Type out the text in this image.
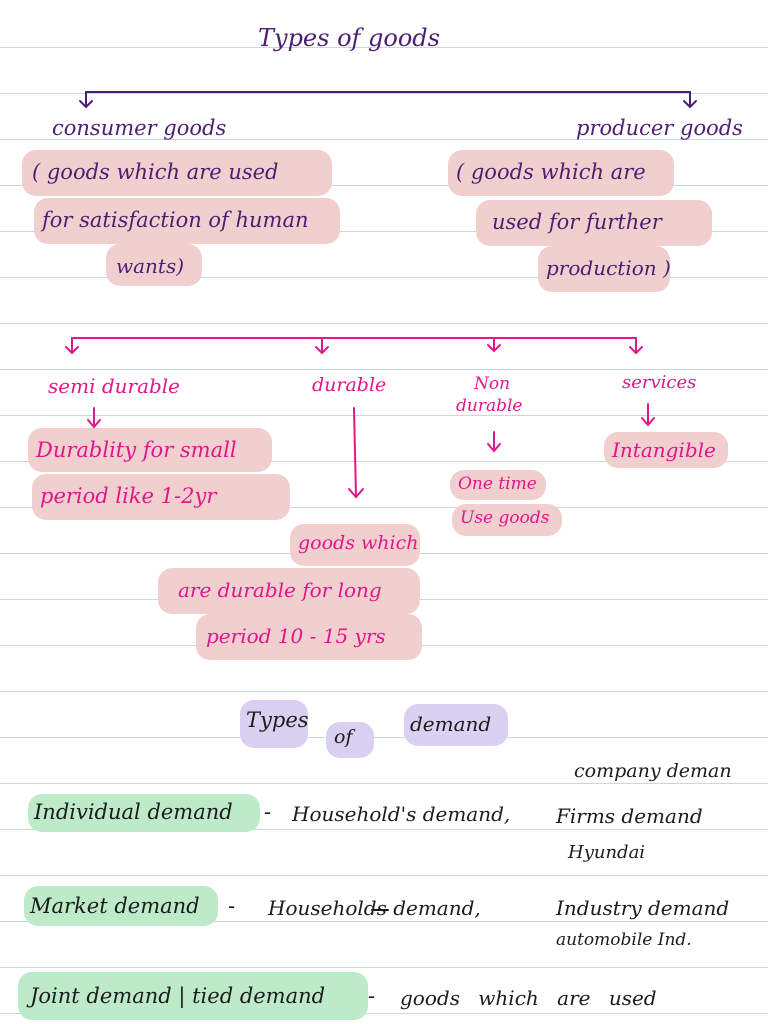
Types of goods
consumer goods
( goods which are used
for satisfaction of human
wants)
producer goods
( goods which are
used for further
production )
semi durable
Durablity for small
period like 1-2yr
durable
goods which
are durable for long
period 10 - 15 yrs
Non
durable
One time
Use goods
services
Intangible
Types
of
demand
company deman
Individual demand - Household's demand, Firms demand
Hyundai
Market demand - Households demand,	Industry demand
automobile Ind.
Joint demand | tied demand - goods which are used
